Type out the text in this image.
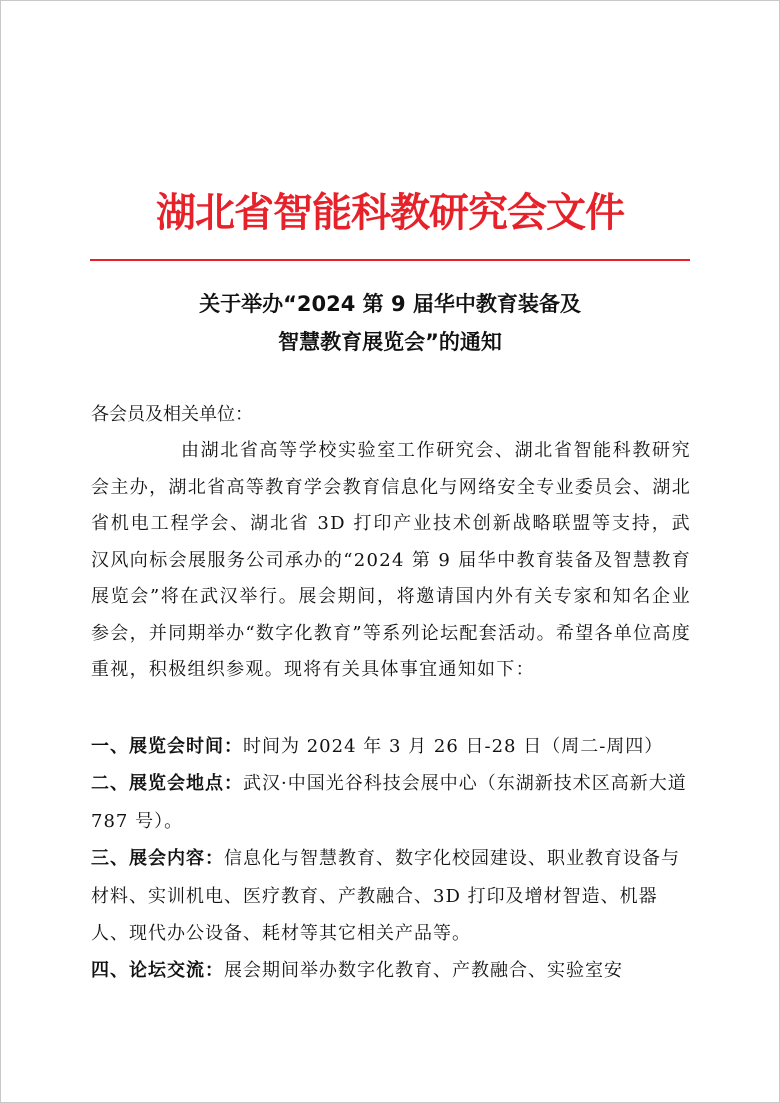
湖北省智能科教研究会文件
关于举办“2024 第 9 届华中教育装备及
智慧教育展览会”的通知
各会员及相关单位：
由湖北省高等学校实验室工作研究会、湖北省智能科教研究会主办，湖北省高等教育学会教育信息化与网络安全专业委员会、湖北省机电工程学会、湖北省 3D 打印产业技术创新战略联盟等支持，武汉风向标会展服务公司承办的“2024 第 9 届华中教育装备及智慧教育展览会”将在武汉举行。展会期间，将邀请国内外有关专家和知名企业参会，并同期举办“数字化教育”等系列论坛配套活动。希望各单位高度重视，积极组织参观。现将有关具体事宜通知如下：
一、展览会时间：时间为 2024 年 3 月 26 日-28 日（周二-周四）
二、展览会地点：武汉·中国光谷科技会展中心（东湖新技术区高新大道 787 号）。
三、展会内容：信息化与智慧教育、数字化校园建设、职业教育设备与材料、实训机电、医疗教育、产教融合、3D 打印及增材智造、机器人、现代办公设备、耗材等其它相关产品等。
四、论坛交流：展会期间举办数字化教育、产教融合、实验室安
